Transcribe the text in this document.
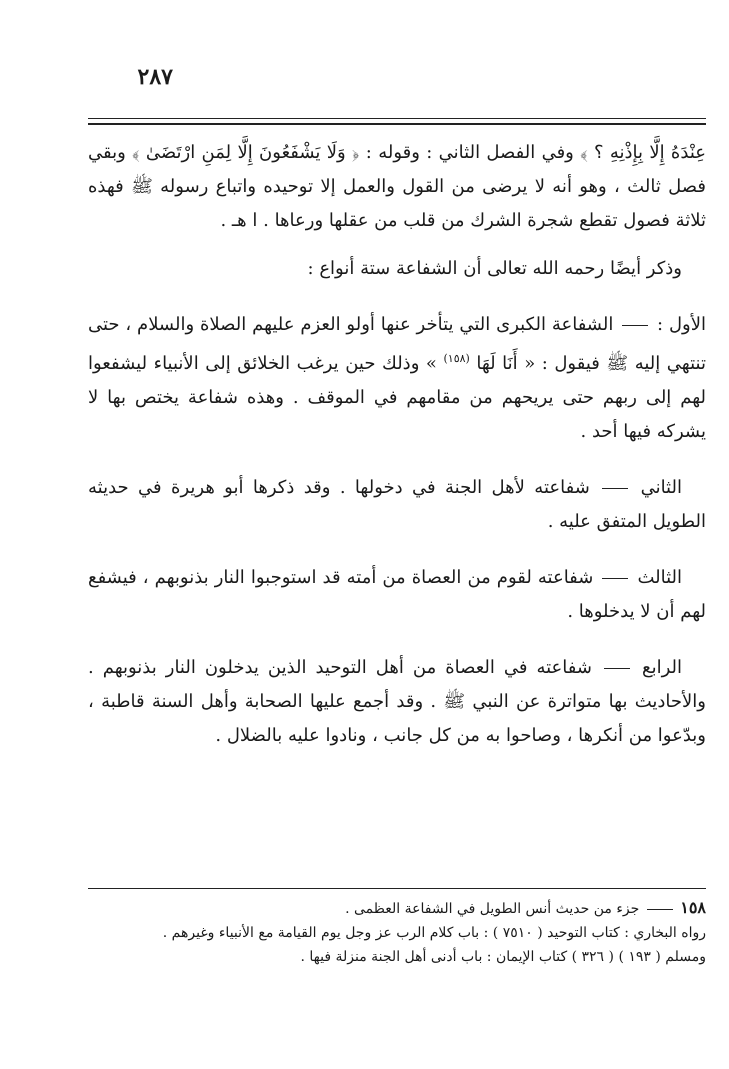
٢٨٧

عِنْدَهُ إِلَّا بِإِذْنِهِ ؟ ﴾ وفي الفصل الثاني : وقوله : ﴿ وَلَا يَشْفَعُونَ إِلَّا لِمَنِ ارْتَضَىٰ ﴾ وبقي فصل ثالث ، وهو أنه لا يرضى من القول والعمل إلا توحيده واتباع رسوله ﷺ فهذه ثلاثة فصول تقطع شجرة الشرك من قلب من عقلها ورعاها . ا هـ .

وذكر أيضًا رحمه الله تعالى أن الشفاعة ستة أنواع :

الأول :  الشفاعة الكبرى التي يتأخر عنها أولو العزم عليهم الصلاة والسلام ، حتى تنتهي إليه ﷺ فيقول : « أَنَا لَهَا $^{(١٥٨)}$ » وذلك حين يرغب الخلائق إلى الأنبياء ليشفعوا لهم إلى ربهم حتى يريحهم من مقامهم في الموقف . وهذه شفاعة يختص بها لا يشركه فيها أحد .

الثاني  شفاعته لأهل الجنة في دخولها . وقد ذكرها أبو هريرة في حديثه الطويل المتفق عليه .

الثالث  شفاعته لقوم من العصاة من أمته قد استوجبوا النار بذنوبهم ، فيشفع لهم أن لا يدخلوها .

الرابع  شفاعته في العصاة من أهل التوحيد الذين يدخلون النار بذنوبهم . والأحاديث بها متواترة عن النبي ﷺ . وقد أجمع عليها الصحابة وأهل السنة قاطبة ، وبدّعوا من أنكرها ، وصاحوا به من كل جانب ، ونادوا عليه بالضلال .

١٥٨  جزء من حديث أنس الطويل في الشفاعة العظمى .

رواه البخاري : كتاب التوحيد ( ٧٥١٠ ) : باب كلام الرب عز وجل يوم القيامة مع الأنبياء وغيرهم .

ومسلم ( ١٩٣ ) ( ٣٢٦ ) كتاب الإيمان : باب أدنى أهل الجنة منزلة فيها .
